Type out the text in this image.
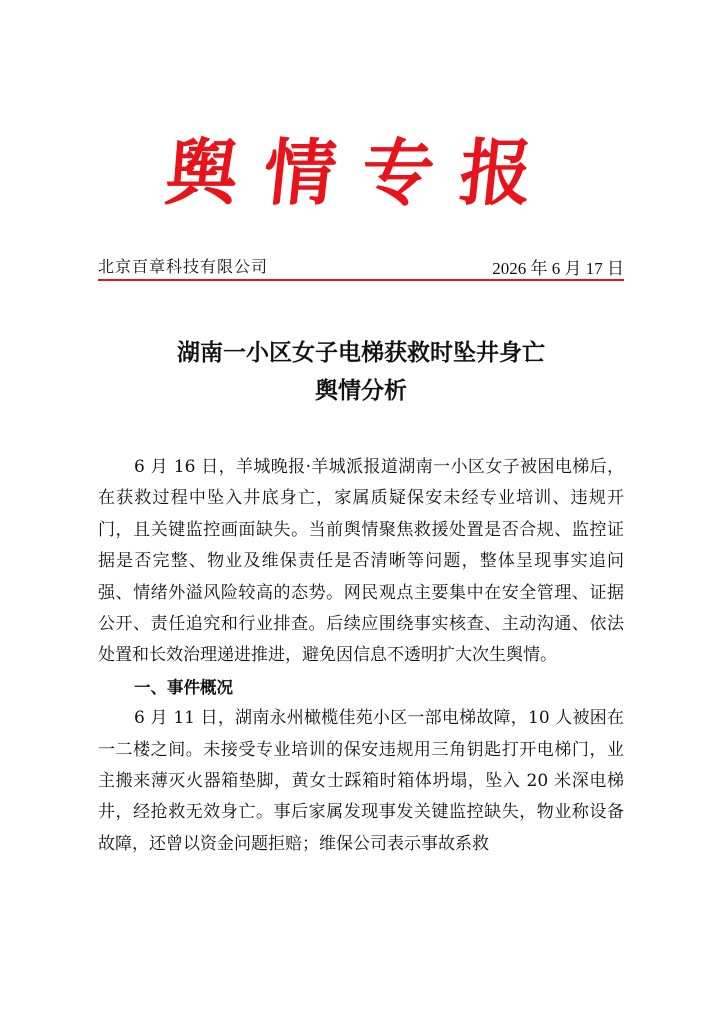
舆情专报
北京百章科技有限公司	2026 年 6 月 17 日
湖南一小区女子电梯获救时坠井身亡
舆情分析

6 月 16 日，羊城晚报·羊城派报道湖南一小区女子被困电梯后，在获救过程中坠入井底身亡，家属质疑保安未经专业培训、违规开门，且关键监控画面缺失。当前舆情聚焦救援处置是否合规、监控证据是否完整、物业及维保责任是否清晰等问题，整体呈现事实追问强、情绪外溢风险较高的态势。网民观点主要集中在安全管理、证据公开、责任追究和行业排查。后续应围绕事实核查、主动沟通、依法处置和长效治理递进推进，避免因信息不透明扩大次生舆情。

一、事件概况

6 月 11 日，湖南永州橄榄佳苑小区一部电梯故障，10 人被困在一二楼之间。未接受专业培训的保安违规用三角钥匙打开电梯门，业主搬来薄灭火器箱垫脚，黄女士踩箱时箱体坍塌，坠入 20 米深电梯井，经抢救无效身亡。事后家属发现事发关键监控缺失，物业称设备故障，还曾以资金问题拒赔；维保公司表示事故系救
